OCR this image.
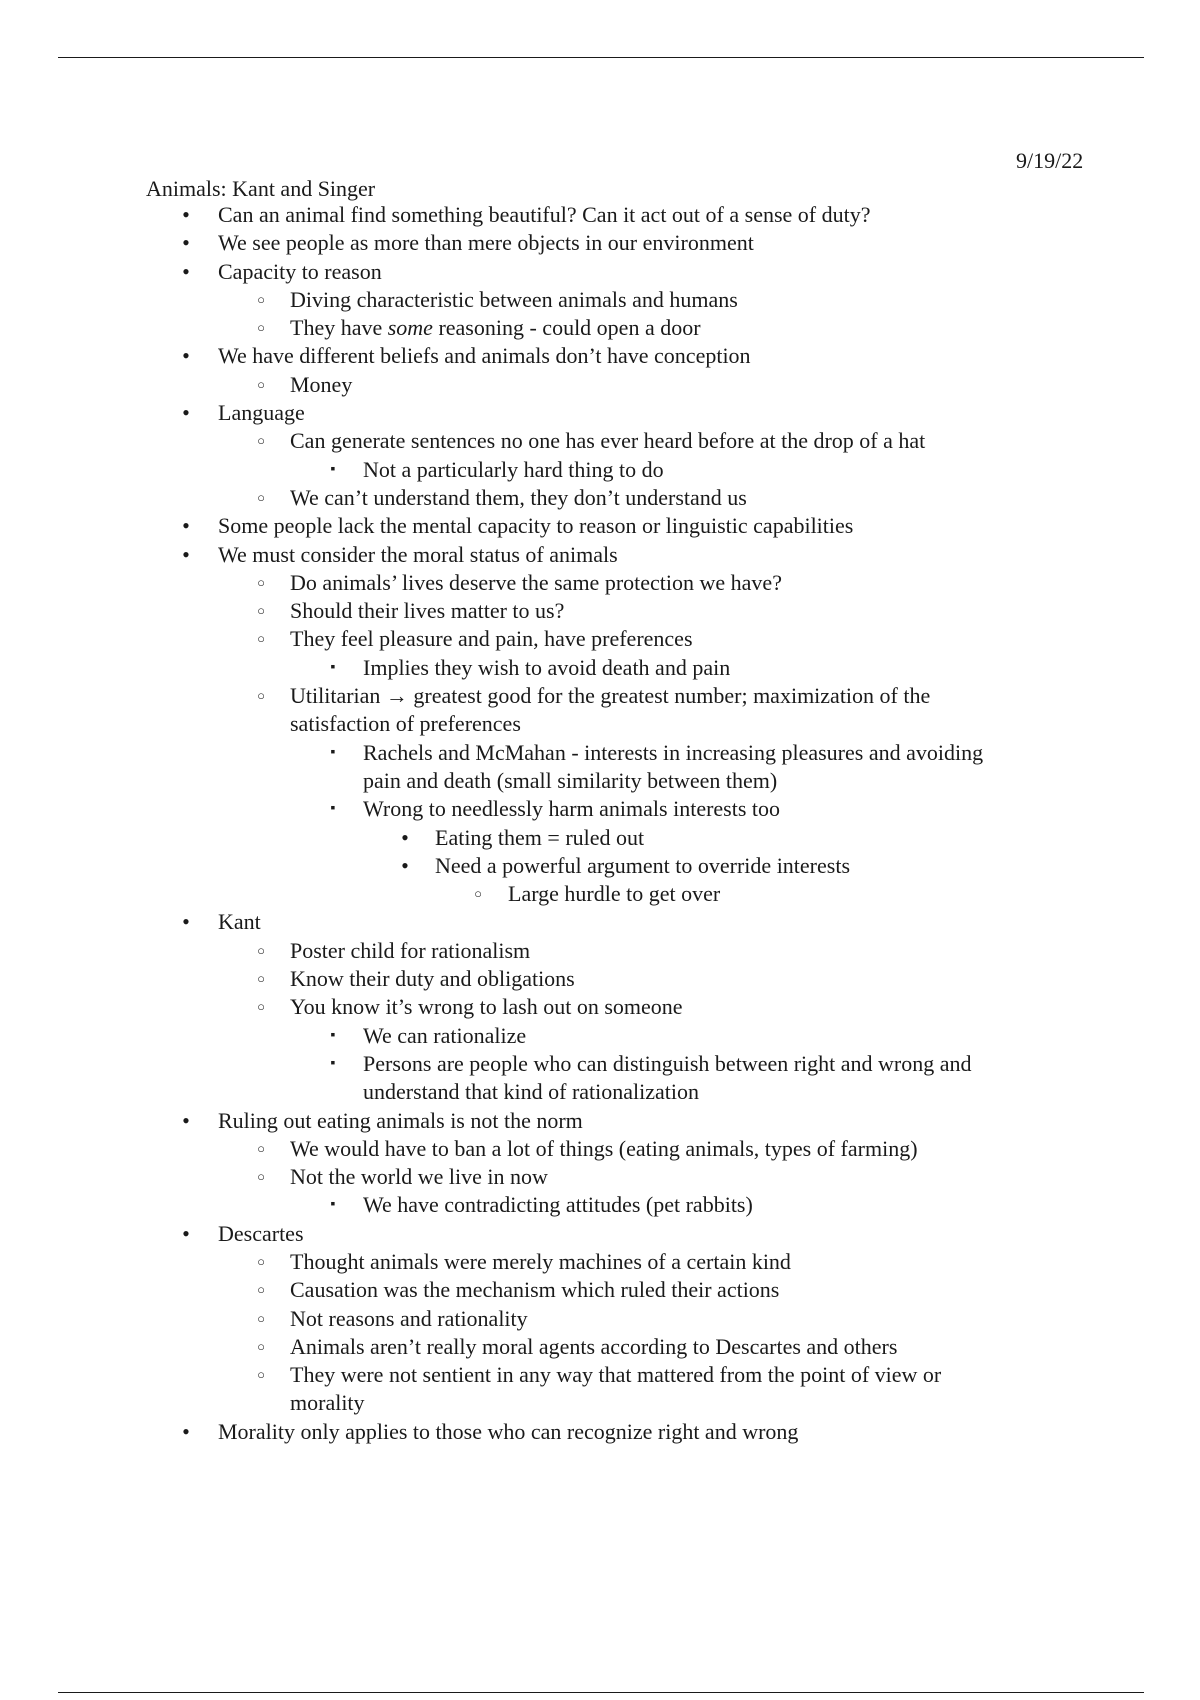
9/19/22
Animals: Kant and Singer
• Can an animal find something beautiful? Can it act out of a sense of duty?
• We see people as more than mere objects in our environment
• Capacity to reason
○ Diving characteristic between animals and humans
○ They have some reasoning - could open a door
• We have different beliefs and animals don’t have conception
○ Money
• Language
○ Can generate sentences no one has ever heard before at the drop of a hat
▪	Not a particularly hard thing to do
○ We can’t understand them, they don’t understand us
• Some people lack the mental capacity to reason or linguistic capabilities
• We must consider the moral status of animals
○ Do animals’ lives deserve the same protection we have?
○ Should their lives matter to us?
○ They feel pleasure and pain, have preferences
▪	Implies they wish to avoid death and pain
○ Utilitarian → greatest good for the greatest number; maximization of the
satisfaction of preferences
▪	Rachels and McMahan - interests in increasing pleasures and avoiding
pain and death (small similarity between them)
▪	Wrong to needlessly harm animals interests too
• Eating them = ruled out
• Need a powerful argument to override interests
○ Large hurdle to get over
• Kant
○ Poster child for rationalism
○ Know their duty and obligations
○ You know it’s wrong to lash out on someone
▪	We can rationalize
▪	Persons are people who can distinguish between right and wrong and
understand that kind of rationalization
• Ruling out eating animals is not the norm
○ We would have to ban a lot of things (eating animals, types of farming)
○ Not the world we live in now
▪	We have contradicting attitudes (pet rabbits)
• Descartes
○ Thought animals were merely machines of a certain kind
○ Causation was the mechanism which ruled their actions
○ Not reasons and rationality
○ Animals aren’t really moral agents according to Descartes and others
○ They were not sentient in any way that mattered from the point of view or
morality
• Morality only applies to those who can recognize right and wrong
